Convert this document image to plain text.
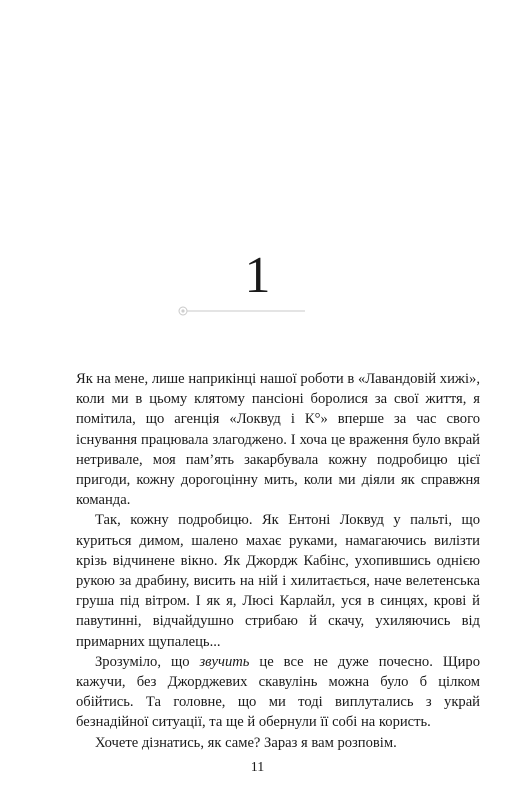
1

Як на мене, лише наприкінці нашої роботи в «Лавандовій хижі», коли ми в цьому клятому пансіоні боролися за свої життя, я помітила, що агенція «Локвуд і К°» вперше за час свого існування працювала злагоджено. І хоча це враження було вкрай нетривале, моя пам’ять закарбувала кожну подробицю цієї пригоди, кожну дорогоцінну мить, коли ми діяли як справжня команда.

Так, кожну подробицю. Як Ентоні Локвуд у пальті, що куриться димом, шалено махає руками, намагаючись вилізти крізь відчинене вікно. Як Джордж Кабінс, ухопившись однією рукою за драбину, висить на ній і хилитається, наче велетенська груша під вітром. І як я, Люсі Карлайл, уся в синцях, крові й павутинні, відчайдушно стрибаю й скачу, ухиляючись від примарних щупалець...

Зрозуміло, що звучить це все не дуже почесно. Щиро кажучи, без Джорджевих скавулінь можна було б цілком обійтись. Та головне, що ми тоді виплутались з украй безнадійної ситуації, та ще й обернули її собі на користь.

Хочете дізнатись, як саме? Зараз я вам розповім.

11
